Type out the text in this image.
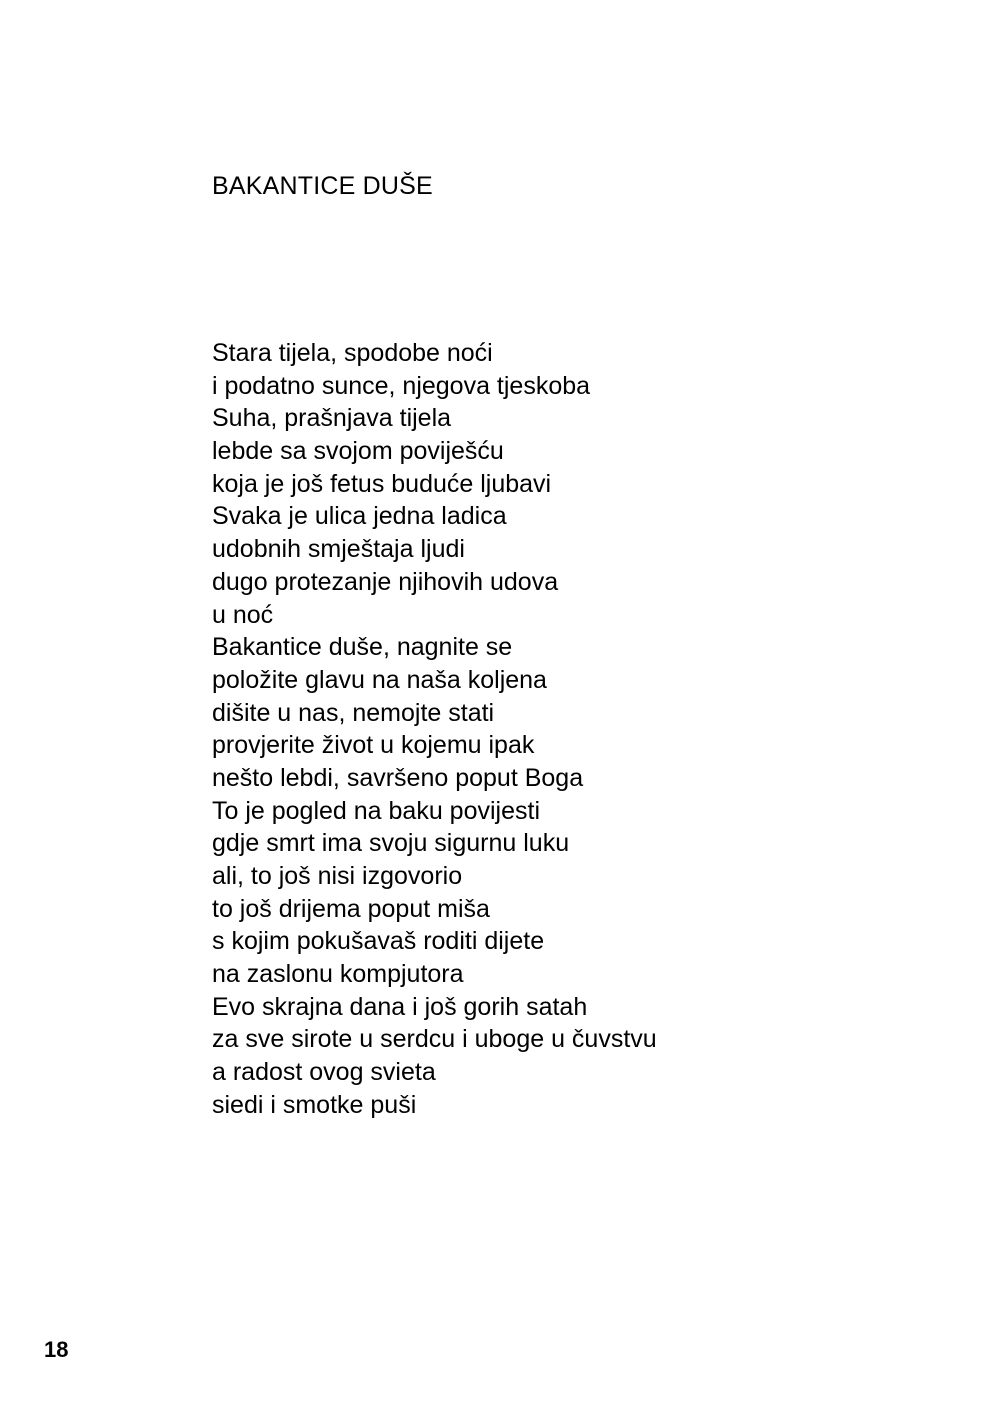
BAKANTICE DUŠE
Stara tijela, spodobe noći
i podatno sunce, njegova tjeskoba
Suha, prašnjava tijela
lebde sa svojom poviješću
koja je još fetus buduće ljubavi
Svaka je ulica jedna ladica
udobnih smještaja ljudi
dugo protezanje njihovih udova
u noć
Bakantice duše, nagnite se
položite glavu na naša koljena
dišite u nas, nemojte stati
provjerite život u kojemu ipak
nešto lebdi, savršeno poput Boga
To je pogled na baku povijesti
gdje smrt ima svoju sigurnu luku
ali, to još nisi izgovorio
to još drijema poput miša
s kojim pokušavaš roditi dijete
na zaslonu kompjutora
Evo skrajna dana i još gorih satah
za sve sirote u serdcu i uboge u čuvstvu
a radost ovog svieta
siedi i smotke puši
18
